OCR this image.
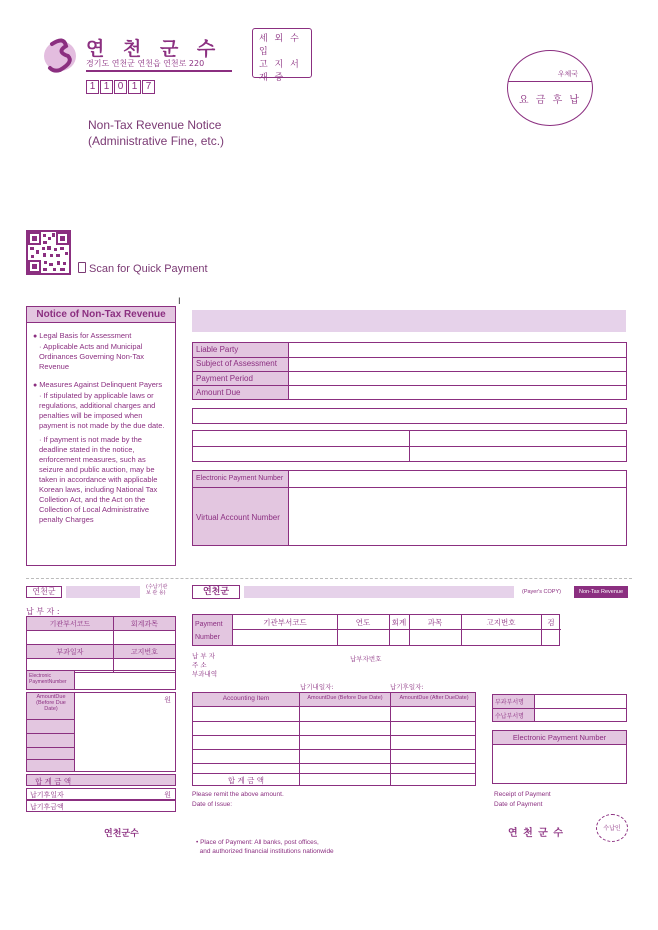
연 천 군 수
경기도 연천군 연천읍 연천로 220
1 1 0 1 7
세 외 수 입
고 지 서
재 중	우체국
요 금 후 납
Non-Tax Revenue Notice
(Administrative Fine, etc.)
Scan for Quick Payment
Ⅰ
Notice of Non-Tax Revenue
● Legal Basis for Assessment
· Applicable Acts and Municipal Ordinances Governing Non-Tax Revenue
● Measures Against Delinquent Payers
· If stipulated by applicable laws or regulations, additional charges and penalties will be imposed when payment is not made by the due date.
· If payment is not made by the deadline stated in the notice, enforcement measures, such as seizure and public auction, may be taken in accordance with applicable Korean laws, including National Tax Colletion Act, and the Act on the Collection of Local Administrative penalty Charges
Liable Party
Subject of Assessment
Payment Period
Amount Due
Electronic Payment Number
Virtual Account Number
연천군	(수납기관
보 관 용)
납 부 자 :
기관부서코드	회계과목

부과일자	고지번호

Electronic PaymentNumber
AmountDue (Before Due Date)
원
합 계 금 액
납기후일자	원
납기후금액
연천군수
연천군	(Payer's COPY)	Non-Tax Revenue
Payment Number
기관부서코드	연도	회계	과목	고지번호	검
납 부 자
주 소
부과내역
납부자번호
납기내일자:	납기후일자:
Accounting Item	AmountDue (Before Due Date)	AmountDue (After DueDate)
합 계 금 액
Please remit the above amount.
Date of Issue:
부과부서명
수납부서명
Electronic Payment Number
Receipt of Payment
Date of Payment
연 천 군 수	수납인
• Place of Payment: All banks, post offices,
and authorized financial institutions nationwide
